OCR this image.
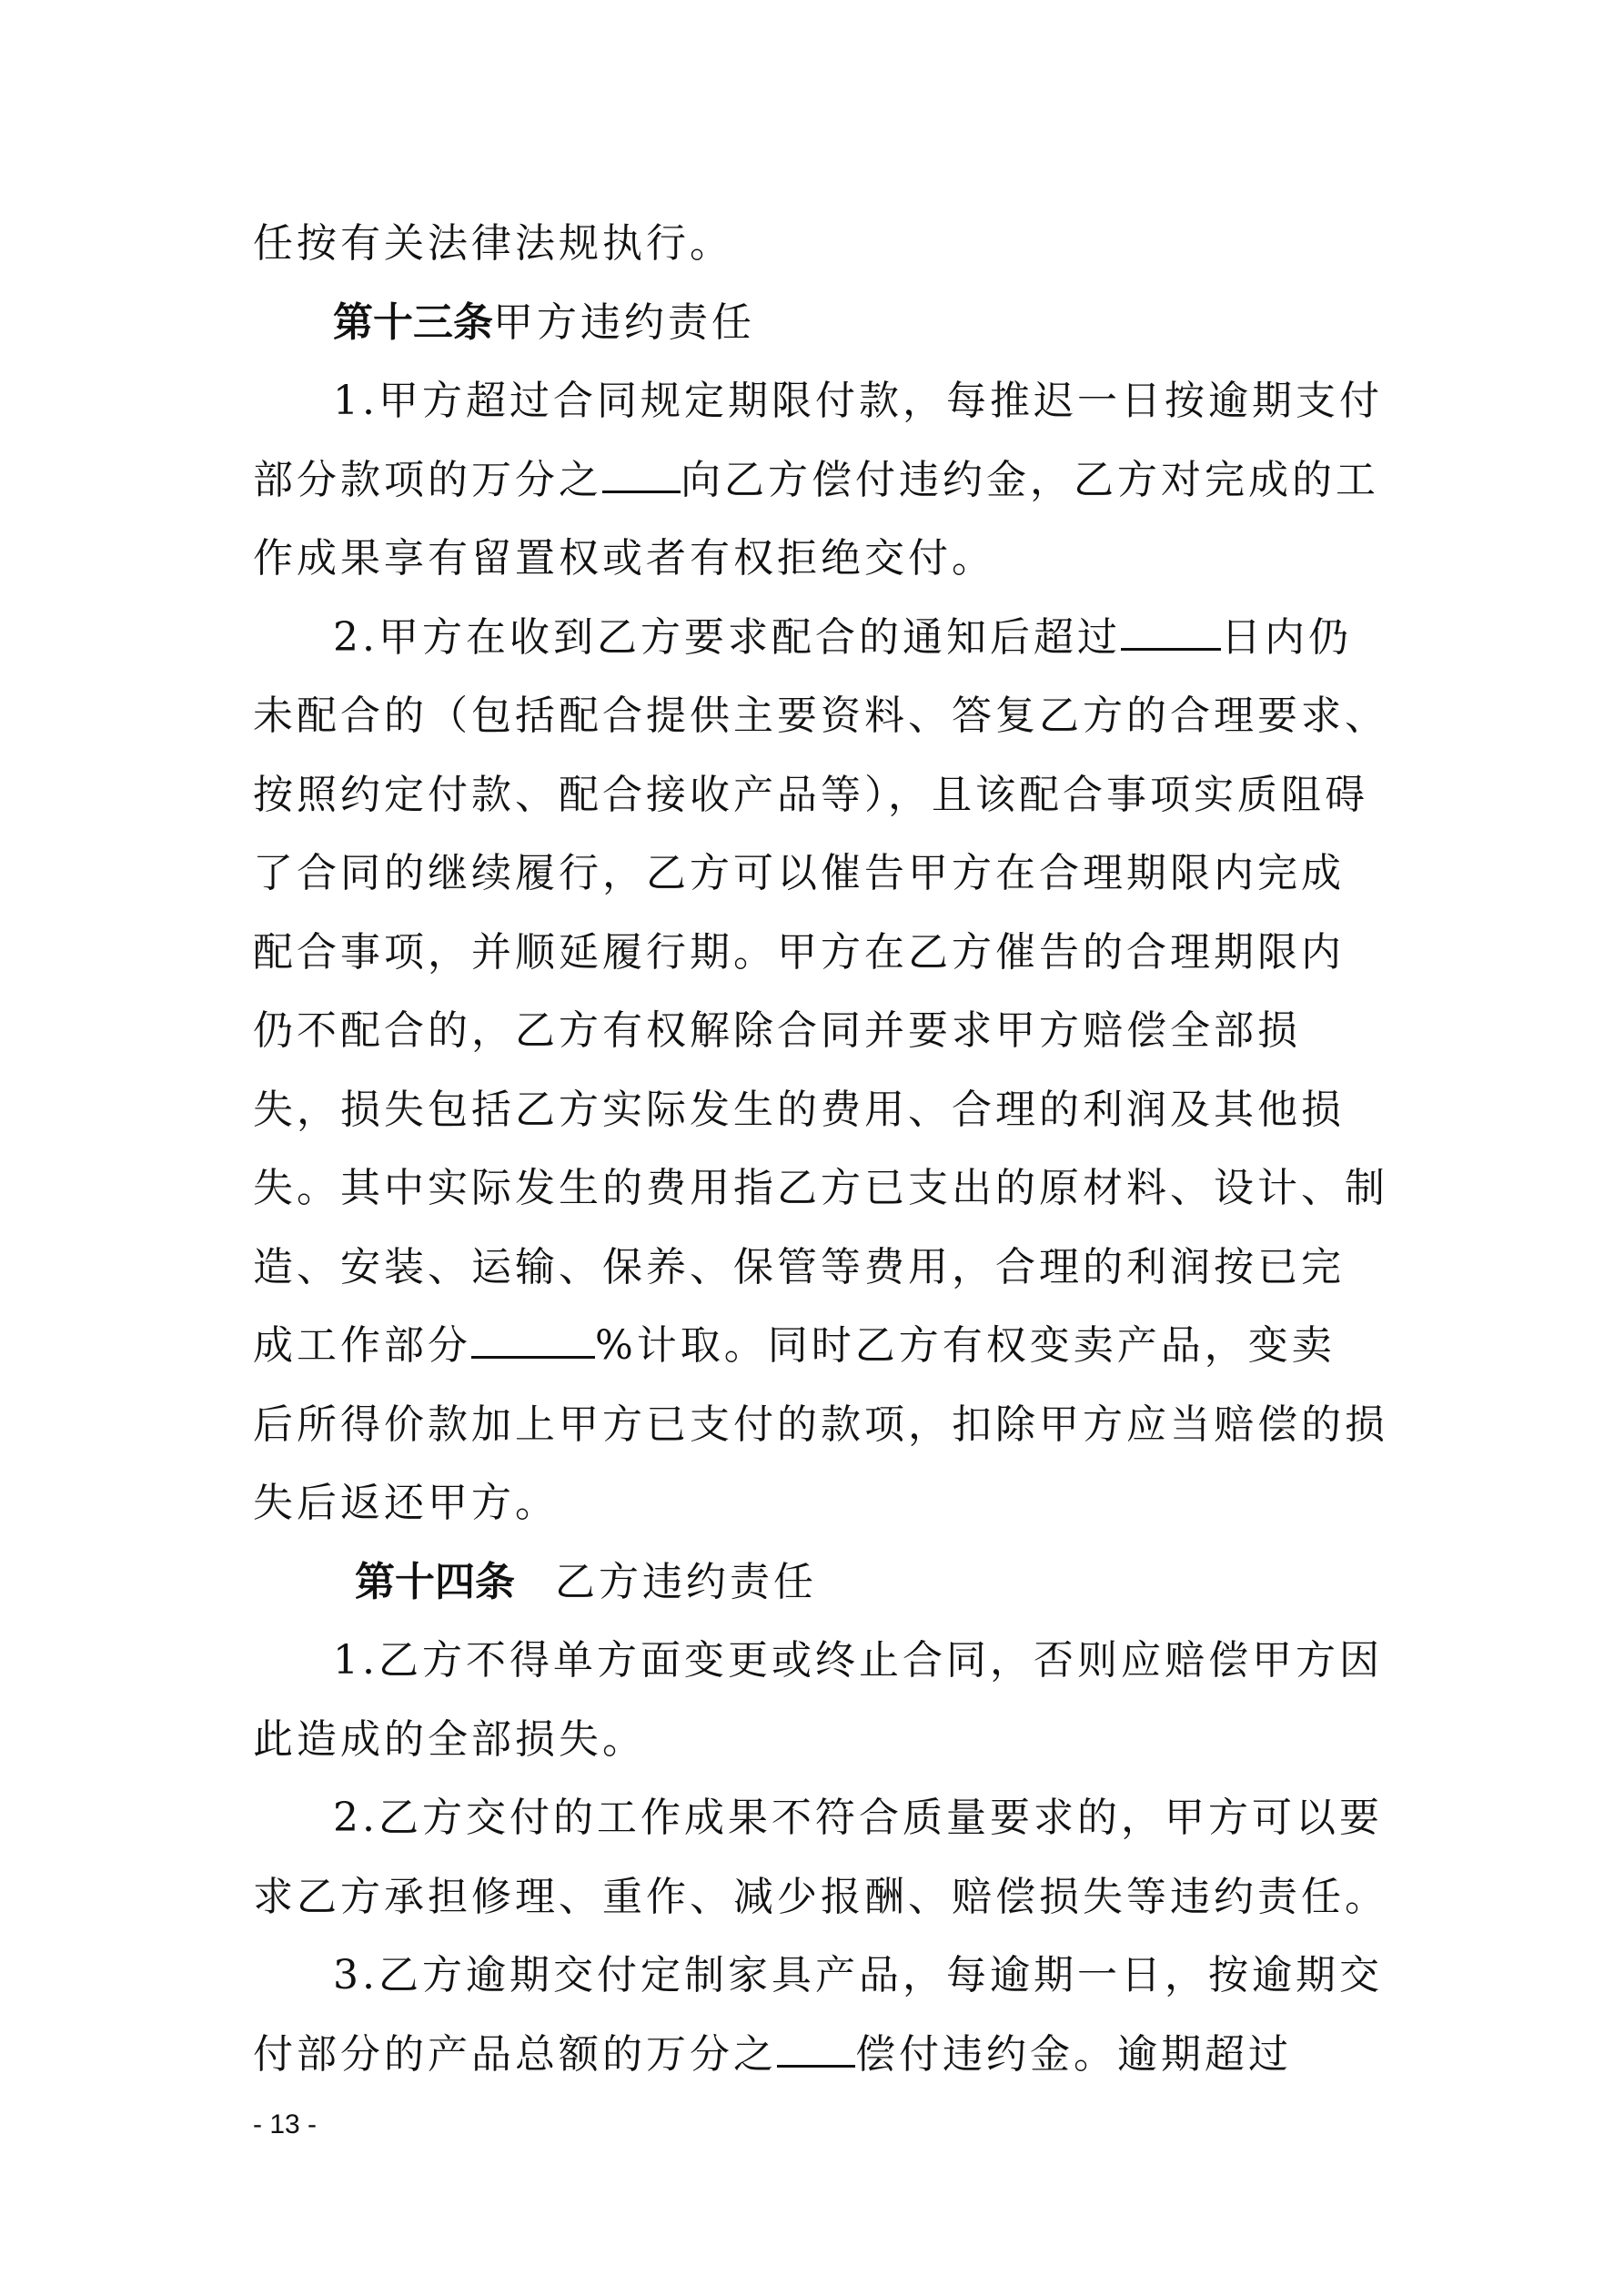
任按有关法律法规执行。
第十三条甲方违约责任
1.甲方超过合同规定期限付款，每推迟一日按逾期支付
部分款项的万分之 向乙方偿付违约金，乙方对完成的工
作成果享有留置权或者有权拒绝交付。
2.甲方在收到乙方要求配合的通知后超过	日内仍
未配合的（包括配合提供主要资料、答复乙方的合理要求、
按照约定付款、配合接收产品等），且该配合事项实质阻碍
了合同的继续履行，乙方可以催告甲方在合理期限内完成
配合事项，并顺延履行期。甲方在乙方催告的合理期限内
仍不配合的，乙方有权解除合同并要求甲方赔偿全部损
失，损失包括乙方实际发生的费用、合理的利润及其他损
失。其中实际发生的费用指乙方已支出的原材料、设计、制
造、安装、运输、保养、保管等费用，合理的利润按已完
成工作部分	%计取。同时乙方有权变卖产品，变卖
后所得价款加上甲方已支付的款项，扣除甲方应当赔偿的损
失后返还甲方。
第十四条 乙方违约责任
1.乙方不得单方面变更或终止合同，否则应赔偿甲方因
此造成的全部损失。
2.乙方交付的工作成果不符合质量要求的，甲方可以要
求乙方承担修理、重作、减少报酬、赔偿损失等违约责任。
3.乙方逾期交付定制家具产品，每逾期一日，按逾期交
付部分的产品总额的万分之 偿付违约金。逾期超过
- 13 -
